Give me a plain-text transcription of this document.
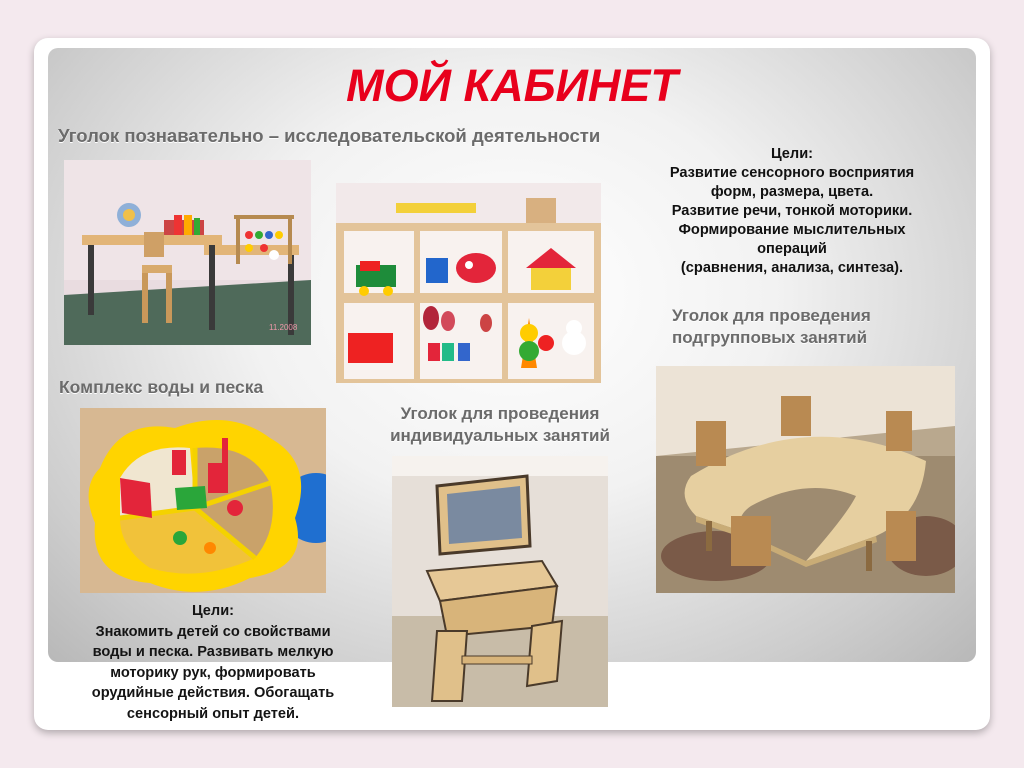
МОЙ КАБИНЕТ
Уголок познавательно – исследовательской деятельности
11.2008
Цели:
Развитие сенсорного восприятия
форм, размера, цвета.
Развитие речи, тонкой моторики.
Формирование мыслительных
операций
(сравнения, анализа, синтеза).
Уголок для проведения
подгрупповых занятий
Комплекс воды и песка
Уголок для проведения
индивидуальных занятий
Цели:
Знакомить детей со свойствами
воды и песка. Развивать мелкую
моторику рук, формировать
орудийные действия. Обогащать
сенсорный опыт детей.
